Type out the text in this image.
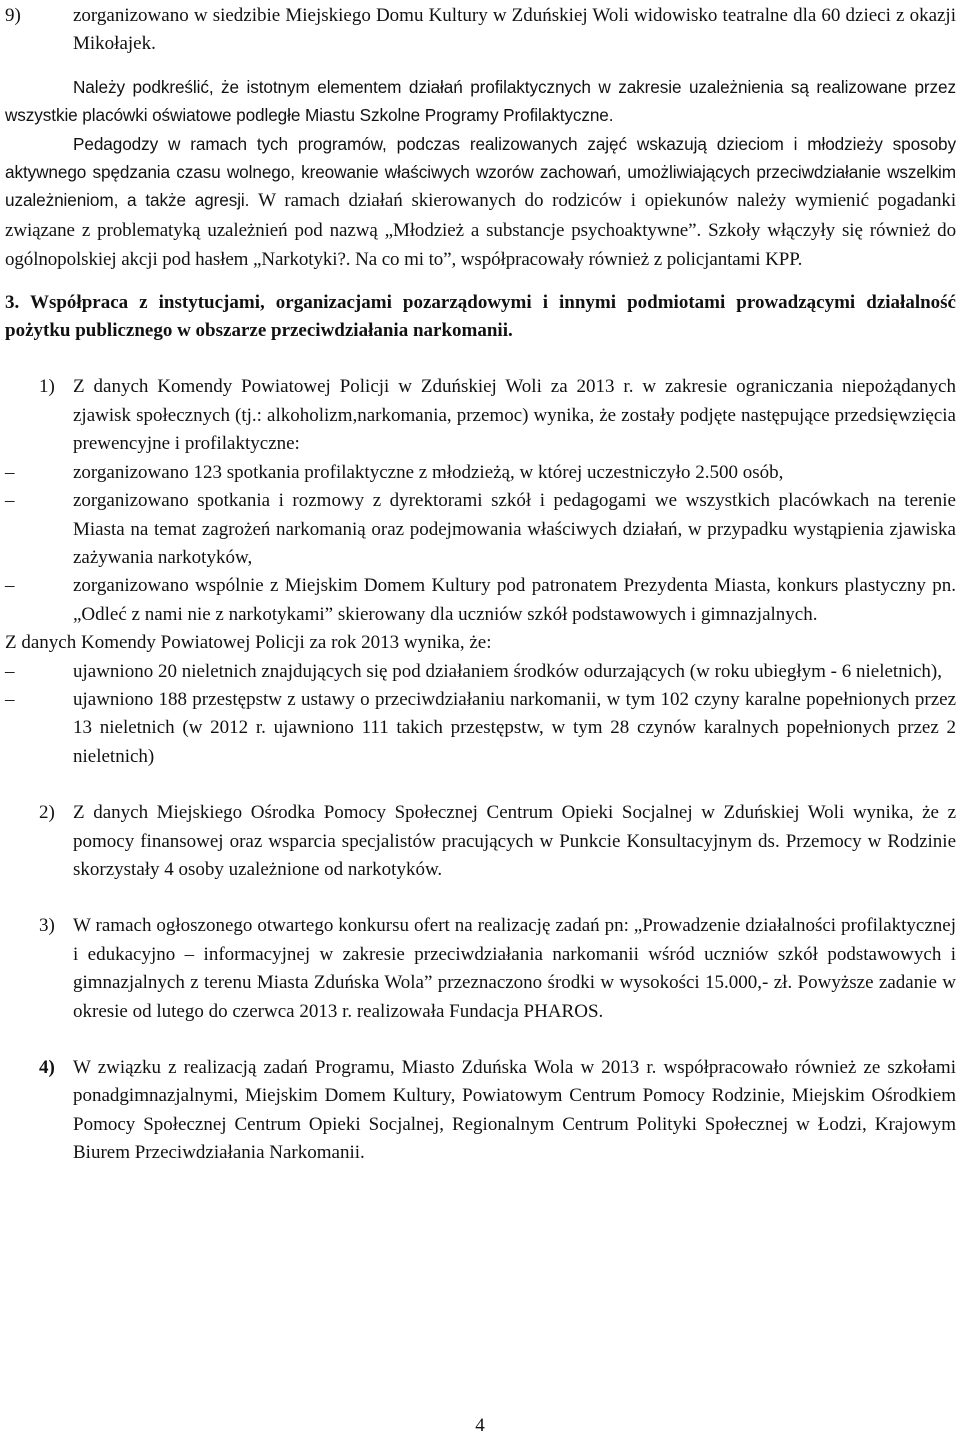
9)	zorganizowano w siedzibie Miejskiego Domu Kultury w Zduńskiej Woli widowisko teatralne dla 60 dzieci z okazji Mikołajek.

Należy podkreślić, że istotnym elementem działań profilaktycznych w zakresie uzależnienia są realizowane przez wszystkie placówki oświatowe podległe Miastu Szkolne Programy Profilaktyczne.

Pedagodzy w ramach tych programów, podczas realizowanych zajęć wskazują dzieciom i młodzieży sposoby aktywnego spędzania czasu wolnego, kreowanie właściwych wzorów zachowań, umożliwiających przeciwdziałanie wszelkim uzależnieniom, a także agresji. W ramach działań skierowanych do rodziców i opiekunów należy wymienić pogadanki związane z problematyką uzależnień pod nazwą „Młodzież a substancje psychoaktywne”. Szkoły włączyły się również do ogólnopolskiej akcji pod hasłem „Narkotyki?. Na co mi to”, współpracowały również z policjantami KPP.

3. Współpraca z instytucjami, organizacjami pozarządowymi i innymi podmiotami prowadzącymi działalność pożytku publicznego w obszarze przeciwdziałania narkomanii.

1) Z danych Komendy Powiatowej Policji w Zduńskiej Woli za 2013 r. w zakresie ograniczania niepożądanych zjawisk społecznych (tj.: alkoholizm,narkomania, przemoc) wynika, że zostały podjęte następujące przedsięwzięcia prewencyjne i profilaktyczne:
–	zorganizowano 123 spotkania profilaktyczne z młodzieżą, w której uczestniczyło 2.500 osób,
–	zorganizowano spotkania i rozmowy z dyrektorami szkół i pedagogami we wszystkich placówkach na terenie Miasta na temat zagrożeń narkomanią oraz podejmowania właściwych działań, w przypadku wystąpienia zjawiska zażywania narkotyków,
–	zorganizowano wspólnie z Miejskim Domem Kultury pod patronatem Prezydenta Miasta, konkurs plastyczny pn. „Odleć z nami nie z narkotykami” skierowany dla uczniów szkół podstawowych i gimnazjalnych.

Z danych Komendy Powiatowej Policji za rok 2013 wynika, że:

–	ujawniono 20 nieletnich znajdujących się pod działaniem środków odurzających (w roku ubiegłym - 6 nieletnich),
–	ujawniono 188 przestępstw z ustawy o przeciwdziałaniu narkomanii, w tym 102 czyny karalne popełnionych przez 13 nieletnich (w 2012 r. ujawniono 111 takich przestępstw, w tym 28 czynów karalnych popełnionych przez 2 nieletnich)
2) Z danych Miejskiego Ośrodka Pomocy Społecznej Centrum Opieki Socjalnej w Zduńskiej Woli wynika, że z pomocy finansowej oraz wsparcia specjalistów pracujących w Punkcie Konsultacyjnym ds. Przemocy w Rodzinie skorzystały 4 osoby uzależnione od narkotyków.
3) W ramach ogłoszonego otwartego konkursu ofert na realizację zadań pn: „Prowadzenie działalności profilaktycznej i edukacyjno – informacyjnej w zakresie przeciwdziałania narkomanii wśród uczniów szkół podstawowych i gimnazjalnych z terenu Miasta Zduńska Wola” przeznaczono środki w wysokości 15.000,- zł. Powyższe zadanie w okresie od lutego do czerwca 2013 r. realizowała Fundacja PHAROS.
4) W związku z realizacją zadań Programu, Miasto Zduńska Wola w 2013 r. współpracowało również ze szkołami ponadgimnazjalnymi, Miejskim Domem Kultury, Powiatowym Centrum Pomocy Rodzinie, Miejskim Ośrodkiem Pomocy Społecznej Centrum Opieki Socjalnej, Regionalnym Centrum Polityki Społecznej w Łodzi, Krajowym Biurem Przeciwdziałania Narkomanii.
4
